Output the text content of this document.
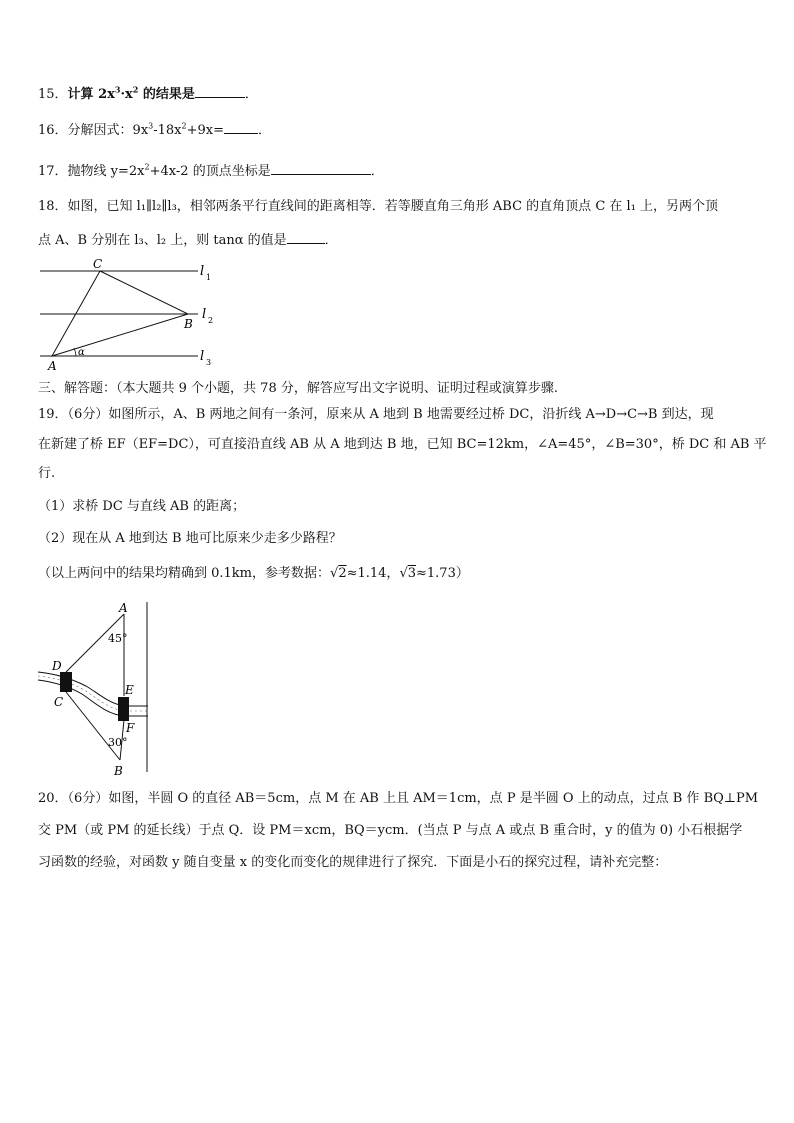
15．计算 $2x^3\cdot x^2$ 的结果是	．
16．分解因式：$9x^3-18x^2+9x=$	．
17．抛物线 $y=2x^2+4x-2$ 的顶点坐标是	．
18．如图，已知 l₁∥l₂∥l₃，相邻两条平行直线间的距离相等．若等腰直角三角形 ABC 的直角顶点 C 在 l₁ 上，另两个顶
点 A、B 分别在 l₃、l₂ 上，则 tanα 的值是	．
C
B
A
α
l 1
l 2
l 3
三、解答题：（本大题共 9 个小题，共 78 分，解答应写出文字说明、证明过程或演算步骤.
19．（6分）如图所示，A、B 两地之间有一条河，原来从 A 地到 B 地需要经过桥 DC，沿折线 A→D→C→B 到达，现
在新建了桥 EF（EF=DC），可直接沿直线 AB 从 A 地到达 B 地，已知 BC=12km，∠A=45°，∠B=30°，桥 DC 和 AB 平
行.
（1）求桥 DC 与直线 AB 的距离；
（2）现在从 A 地到达 B 地可比原来少走多少路程？
（以上两问中的结果均精确到 0.1km，参考数据：√2≈1.14，√3≈1.73）
A
45°
D
C
E
F
30°
B
20．（6分）如图，半圆 O 的直径 AB＝5cm，点 M 在 AB 上且 AM＝1cm，点 P 是半圆 O 上的动点，过点 B 作 BQ⊥PM
交 PM（或 PM 的延长线）于点 Q．设 PM＝xcm，BQ＝ycm．(当点 P 与点 A 或点 B 重合时，y 的值为 0) 小石根据学
习函数的经验，对函数 y 随自变量 x 的变化而变化的规律进行了探究．下面是小石的探究过程，请补充完整：
